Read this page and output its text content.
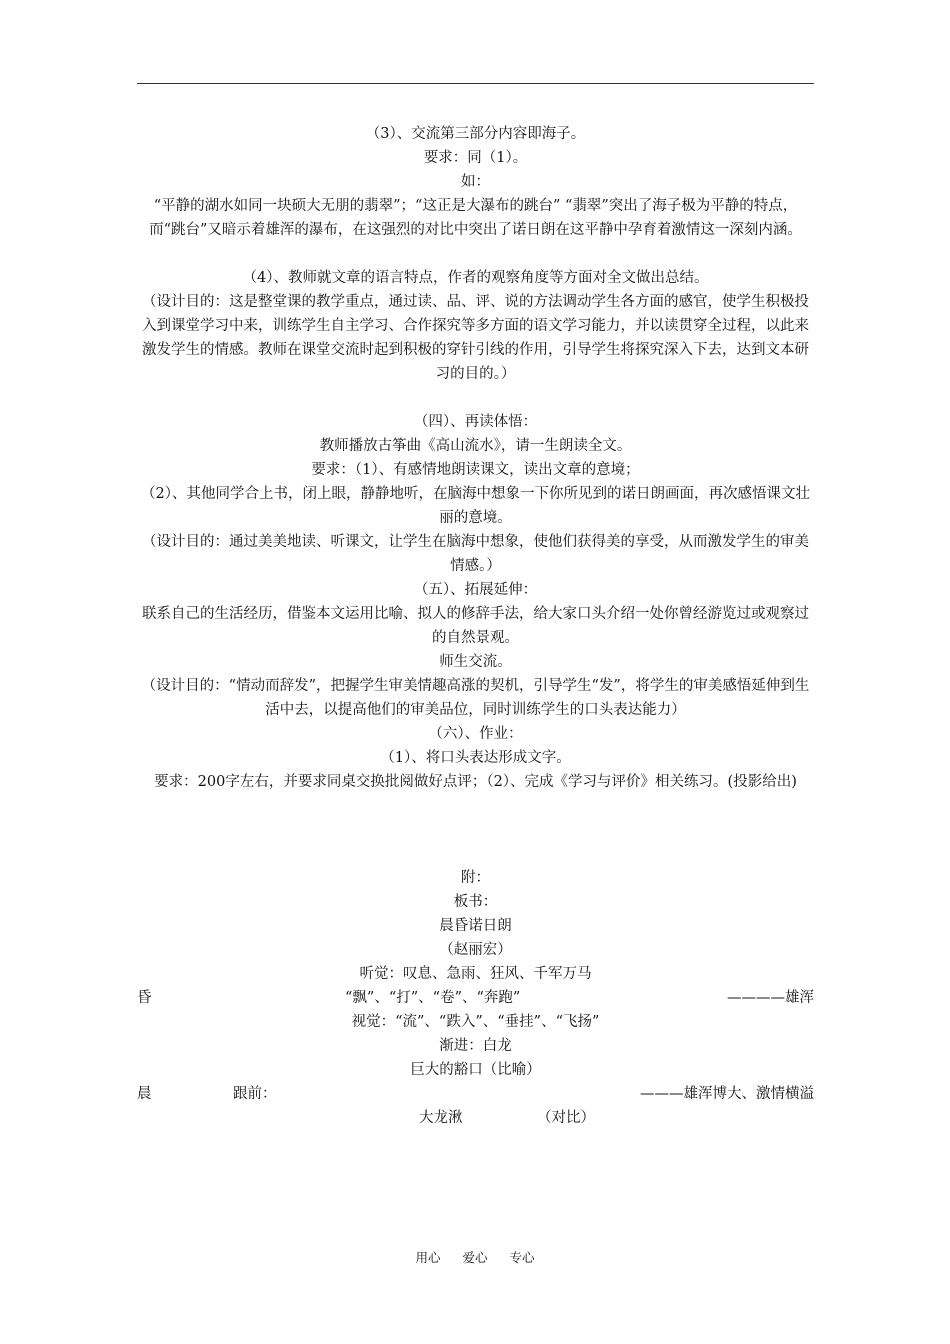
（3）、交流第三部分内容即海子。
要求：同（1）。
如：
“平静的湖水如同一块硕大无朋的翡翠”；“这正是大瀑布的跳台” “翡翠”突出了海子极为平静的特点，而“跳台”又暗示着雄浑的瀑布，在这强烈的对比中突出了诺日朗在这平静中孕育着激情这一深刻内涵。
（4）、教师就文章的语言特点，作者的观察角度等方面对全文做出总结。
（设计目的：这是整堂课的教学重点，通过读、品、评、说的方法调动学生各方面的感官，使学生积极投入到课堂学习中来，训练学生自主学习、合作探究等多方面的语文学习能力，并以读贯穿全过程，以此来激发学生的情感。教师在课堂交流时起到积极的穿针引线的作用，引导学生将探究深入下去，达到文本研习的目的。）
（四）、再读体悟：
教师播放古筝曲《高山流水》，请一生朗读全文。
要求：（1）、有感情地朗读课文，读出文章的意境；
（2）、其他同学合上书，闭上眼，静静地听，在脑海中想象一下你所见到的诺日朗画面，再次感悟课文壮丽的意境。
（设计目的：通过美美地读、听课文，让学生在脑海中想象，使他们获得美的享受，从而激发学生的审美情感。）
（五）、拓展延伸：
联系自己的生活经历，借鉴本文运用比喻、拟人的修辞手法，给大家口头介绍一处你曾经游览过或观察过的自然景观。
师生交流。
（设计目的：“情动而辞发”，把握学生审美情趣高涨的契机，引导学生“发”，将学生的审美感悟延伸到生活中去，以提高他们的审美品位，同时训练学生的口头表达能力）
（六）、作业：
（1）、将口头表达形成文字。
要求：200字左右，并要求同桌交换批阅做好点评；（2）、完成《学习与评价》相关练习。(投影给出)
附：
板书：
晨昏诺日朗
（赵丽宏）
听觉：叹息、急雨、狂风、千军万马
昏	“飘”、“打”、“卷”、“奔跑”	————雄浑
视觉：“流”、“跌入”、“垂挂”、“飞扬”
渐进：白龙
巨大的豁口（比喻）
晨	跟前：	———雄浑博大、激情横溢
大龙湫	（对比）
用心 爱心 专心
